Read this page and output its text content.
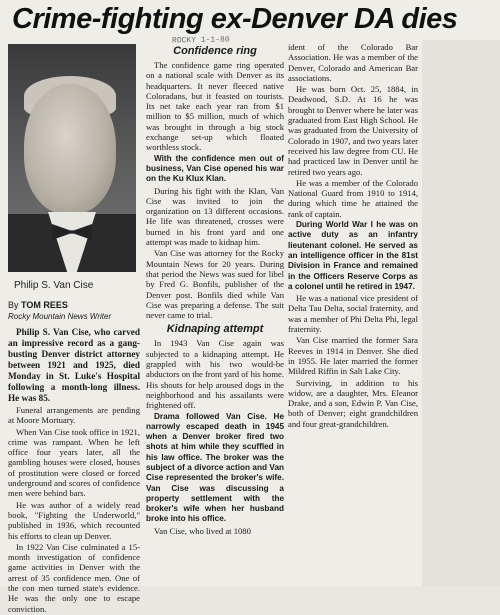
Crime-fighting ex-Denver DA dies
ROCKY 1-1-80
Philip S. Van Cise
By TOM REES
Rocky Mountain News Writer

Philip S. Van Cise, who carved an impressive record as a gang-busting Denver district attorney between 1921 and 1925, died Monday in St. Luke's Hospital following a month-long illness. He was 85.

Funeral arrangements are pending at Moore Mortuary.

When Van Cise took office in 1921, crime was rampant. When he left office four years later, all the gambling houses were closed, houses of prostitution were closed or forced underground and scores of confidence men were behind bars.

He was author of a widely read book, "Fighting the Underworld," published in 1936, which recounted his efforts to clean up Denver.

In 1922 Van Cise culminated a 15-month investigation of confidence game activities in Denver with the arrest of 35 confidence men. One of the con men turned state's evidence. He was the only one to escape conviction.

Confidence ring

The confidence game ring operated on a national scale with Denver as its headquarters. It never fleeced native Coloradans, but it feasted on tourists. Its net take each year ran from $1 million to $5 million, much of which was brought in through a big stock exchange set-up which floated worthless stock.

With the confidence men out of business, Van Cise opened his war on the Ku Klux Klan.

During his fight with the Klan, Van Cise was invited to join the organization on 13 different occasions. He life was threatened, crosses were burned in his front yard and one attempt was made to kidnap him.

Van Cise was attorney for the Rocky Mountain News for 20 years. During that period the News was sued for libel by Fred G. Bonfils, publisher of the Denver post. Bonfils died while Van Cise was preparing a defense. The suit never came to trial.

Kidnaping attempt

In 1943 Van Cise again was subjected to a kidnaping attempt. He grappled with his two would-be abductors on the front yard of his home. His shouts for help aroused dogs in the neighborhood and his assailants were frightened off.

Drama followed Van Cise. He narrowly escaped death in 1945 when a Denver broker fired two shots at him while they scuffled in his law office. The broker was the subject of a divorce action and Van Cise represented the broker's wife. Van Cise was discussing a property settlement with the broker's wife when her husband broke into his office.

Van Cise, who lived at 1080

ident of the Colorado Bar Association. He was a member of the Denver, Colorado and American Bar associations.

He was born Oct. 25, 1884, in Deadwood, S.D. At 16 he was brought to Denver where he later was graduated from East High School. He was graduated from the University of Colorado in 1907, and two years later received his law degree from CU. He had practiced law in Denver until he retired two years ago.

He was a member of the Colorado National Guard from 1910 to 1914, during which time he attained the rank of captain.

During World War I he was on active duty as an infantry lieutenant colonel. He served as an intelligence officer in the 81st Division in France and remained in the Officers Reserve Corps as a colonel until he retired in 1947.

He was a national vice president of Delta Tau Delta, social fraternity, and was a member of Phi Delta Phi, legal fraternity.

Van Cise married the former Sara Reeves in 1914 in Denver. She died in 1955. He later married the former Mildred Riffin in Salt Lake City.

Surviving, in addition to his widow, are a daughter, Mrs. Eleanor Drake, and a son, Edwin P. Van Cise, both of Denver; eight grandchildren and four great-grandchildren.
